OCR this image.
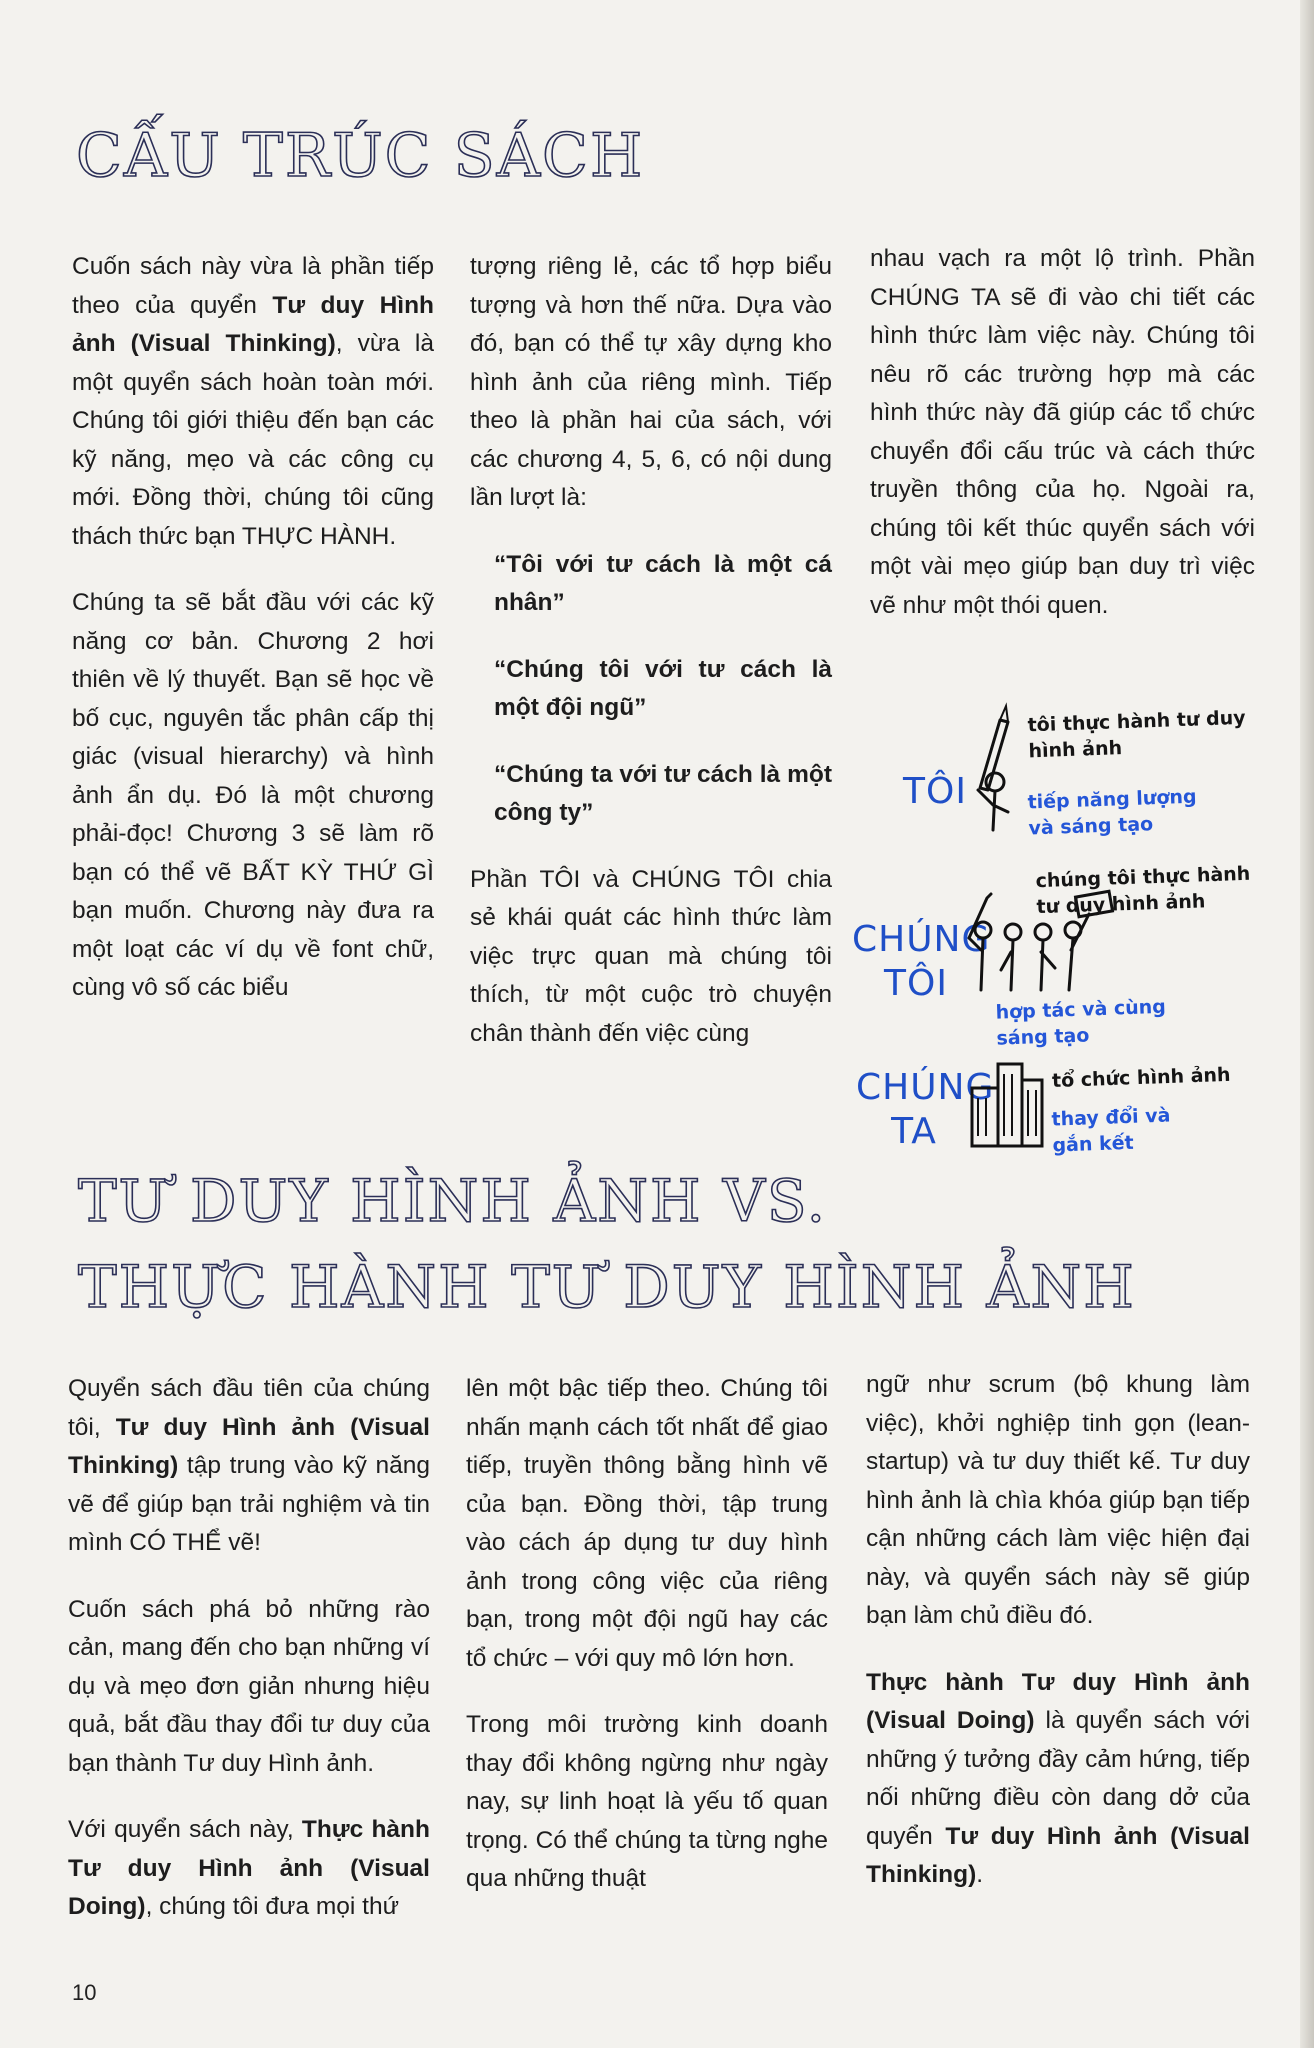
CẤU TRÚC SÁCH

Cuốn sách này vừa là phần tiếp theo của quyển Tư duy Hình ảnh (Visual Thinking), vừa là một quyển sách hoàn toàn mới. Chúng tôi giới thiệu đến bạn các kỹ năng, mẹo và các công cụ mới. Đồng thời, chúng tôi cũng thách thức bạn THỰC HÀNH.

Chúng ta sẽ bắt đầu với các kỹ năng cơ bản. Chương 2 hơi thiên về lý thuyết. Bạn sẽ học về bố cục, nguyên tắc phân cấp thị giác (visual hierarchy) và hình ảnh ẩn dụ. Đó là một chương phải-đọc! Chương 3 sẽ làm rõ bạn có thể vẽ BẤT KỲ THỨ GÌ bạn muốn. Chương này đưa ra một loạt các ví dụ về font chữ, cùng vô số các biểu

tượng riêng lẻ, các tổ hợp biểu tượng và hơn thế nữa. Dựa vào đó, bạn có thể tự xây dựng kho hình ảnh của riêng mình. Tiếp theo là phần hai của sách, với các chương 4, 5, 6, có nội dung lần lượt là:

“Tôi với tư cách là một cá nhân”

“Chúng tôi với tư cách là một đội ngũ”

“Chúng ta với tư cách là một công ty”

Phần TÔI và CHÚNG TÔI chia sẻ khái quát các hình thức làm việc trực quan mà chúng tôi thích, từ một cuộc trò chuyện chân thành đến việc cùng

nhau vạch ra một lộ trình. Phần CHÚNG TA sẽ đi vào chi tiết các hình thức làm việc này. Chúng tôi nêu rõ các trường hợp mà các hình thức này đã giúp các tổ chức chuyển đổi cấu trúc và cách thức truyền thông của họ. Ngoài ra, chúng tôi kết thúc quyển sách với một vài mẹo giúp bạn duy trì việc vẽ như một thói quen.

TÔI
tôi thực hành tư duy hình ảnh
tiếp năng lượng và sáng tạo
CHÚNG
TÔI
chúng tôi thực hành tư duy hình ảnh
hợp tác và cùng sáng tạo
CHÚNG
TA
tổ chức hình ảnh
thay đổi và gắn kết
TƯ DUY HÌNH ẢNH VS.
THỰC HÀNH TƯ DUY HÌNH ẢNH

Quyển sách đầu tiên của chúng tôi, Tư duy Hình ảnh (Visual Thinking) tập trung vào kỹ năng vẽ để giúp bạn trải nghiệm và tin mình CÓ THỂ vẽ!

Cuốn sách phá bỏ những rào cản, mang đến cho bạn những ví dụ và mẹo đơn giản nhưng hiệu quả, bắt đầu thay đổi tư duy của bạn thành Tư duy Hình ảnh.

Với quyển sách này, Thực hành Tư duy Hình ảnh (Visual Doing), chúng tôi đưa mọi thứ

lên một bậc tiếp theo. Chúng tôi nhấn mạnh cách tốt nhất để giao tiếp, truyền thông bằng hình vẽ của bạn. Đồng thời, tập trung vào cách áp dụng tư duy hình ảnh trong công việc của riêng bạn, trong một đội ngũ hay các tổ chức – với quy mô lớn hơn.

Trong môi trường kinh doanh thay đổi không ngừng như ngày nay, sự linh hoạt là yếu tố quan trọng. Có thể chúng ta từng nghe qua những thuật

ngữ như scrum (bộ khung làm việc), khởi nghiệp tinh gọn (lean-startup) và tư duy thiết kế. Tư duy hình ảnh là chìa khóa giúp bạn tiếp cận những cách làm việc hiện đại này, và quyển sách này sẽ giúp bạn làm chủ điều đó.

Thực hành Tư duy Hình ảnh (Visual Doing) là quyển sách với những ý tưởng đầy cảm hứng, tiếp nối những điều còn dang dở của quyển Tư duy Hình ảnh (Visual Thinking).

10
